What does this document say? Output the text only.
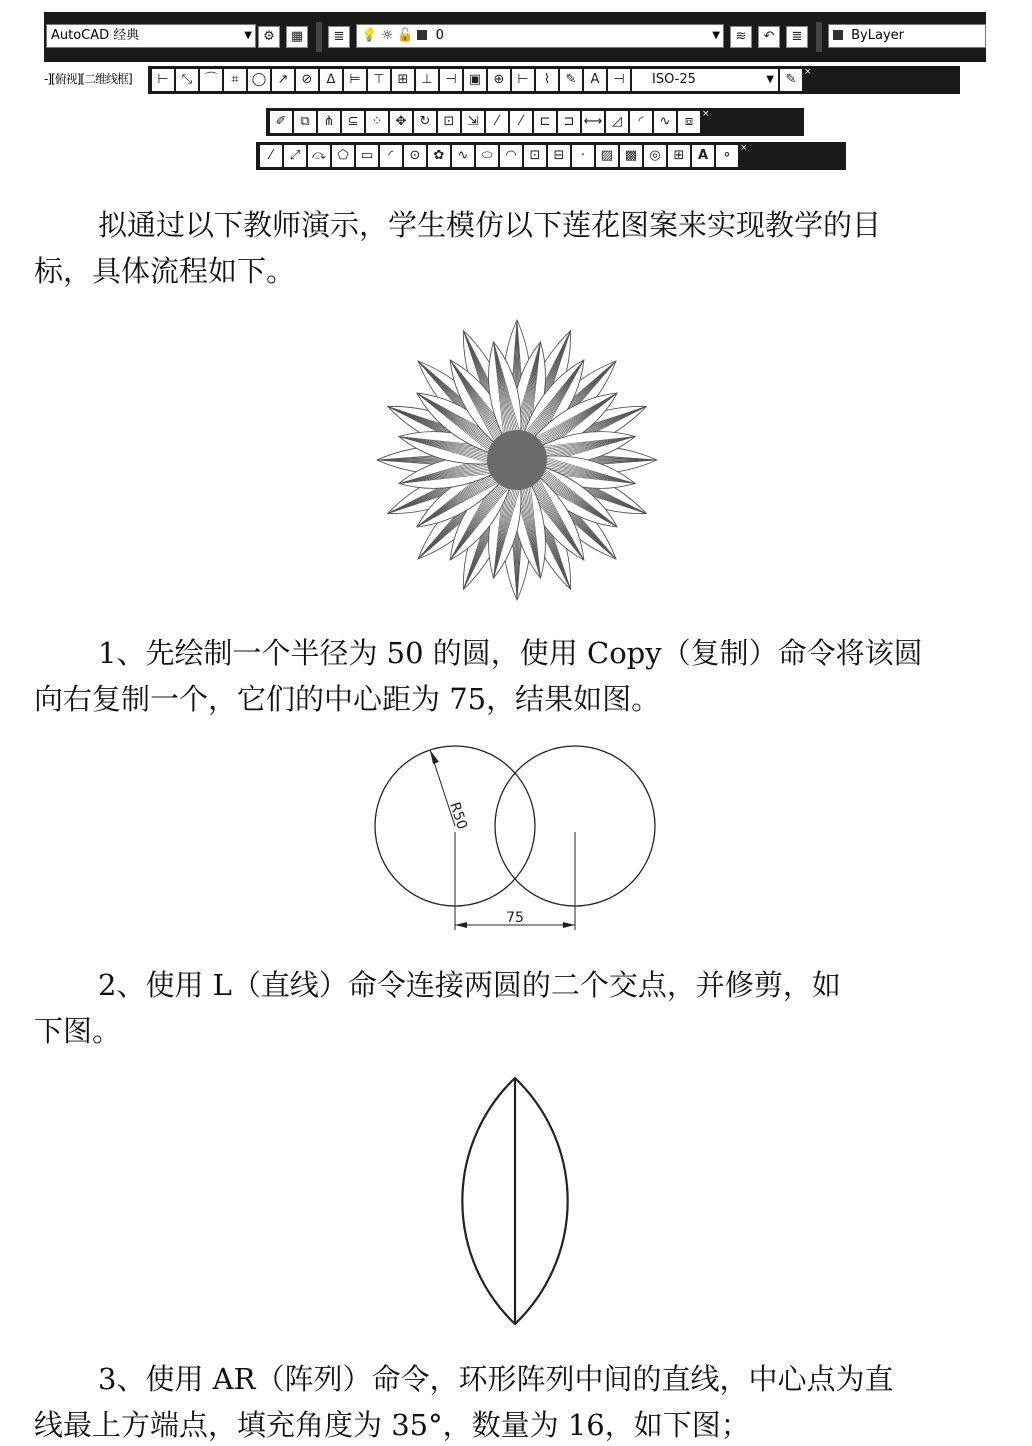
AutoCAD 经典	▼ ⚙	▦	≣	💡 ☼ 🔓 0	▼	≋	↶	≣	ByLayer
-][俯视][二维线框]	⊢	⤡ ⌒	⌗	◯ ↗	⊘	∆	⊨ ⊤ ⊞ ⊥ ⊣ ▣ ⊕ ⊢	⌇	✎	A	⊣	ISO-25	▼ ✎ ×
✐	⧉	⋔	⊆	⁘	✥	↻	⊡	⇲	⁄	⁄	⊏	⊐ ⟷ ◿	◜	∿	⧈ ×
⁄	⤢ ⤼ ⬠ ▭	◜	⊙	✿	∿ ⬭ ◠ ⊡	⊟	·	▨ ▩ ◎ ⊞	A	⚬ ×
拟通过以下教师演示，学生模仿以下莲花图案来实现教学的目
标，具体流程如下。
1、先绘制一个半径为 50 的圆，使用 Copy（复制）命令将该圆
向右复制一个，它们的中心距为 75，结果如图。
R50
75
2、使用 L（直线）命令连接两圆的二个交点，并修剪，如
下图。
3、使用 AR（阵列）命令，环形阵列中间的直线，中心点为直
线最上方端点，填充角度为 35°，数量为 16，如下图；
